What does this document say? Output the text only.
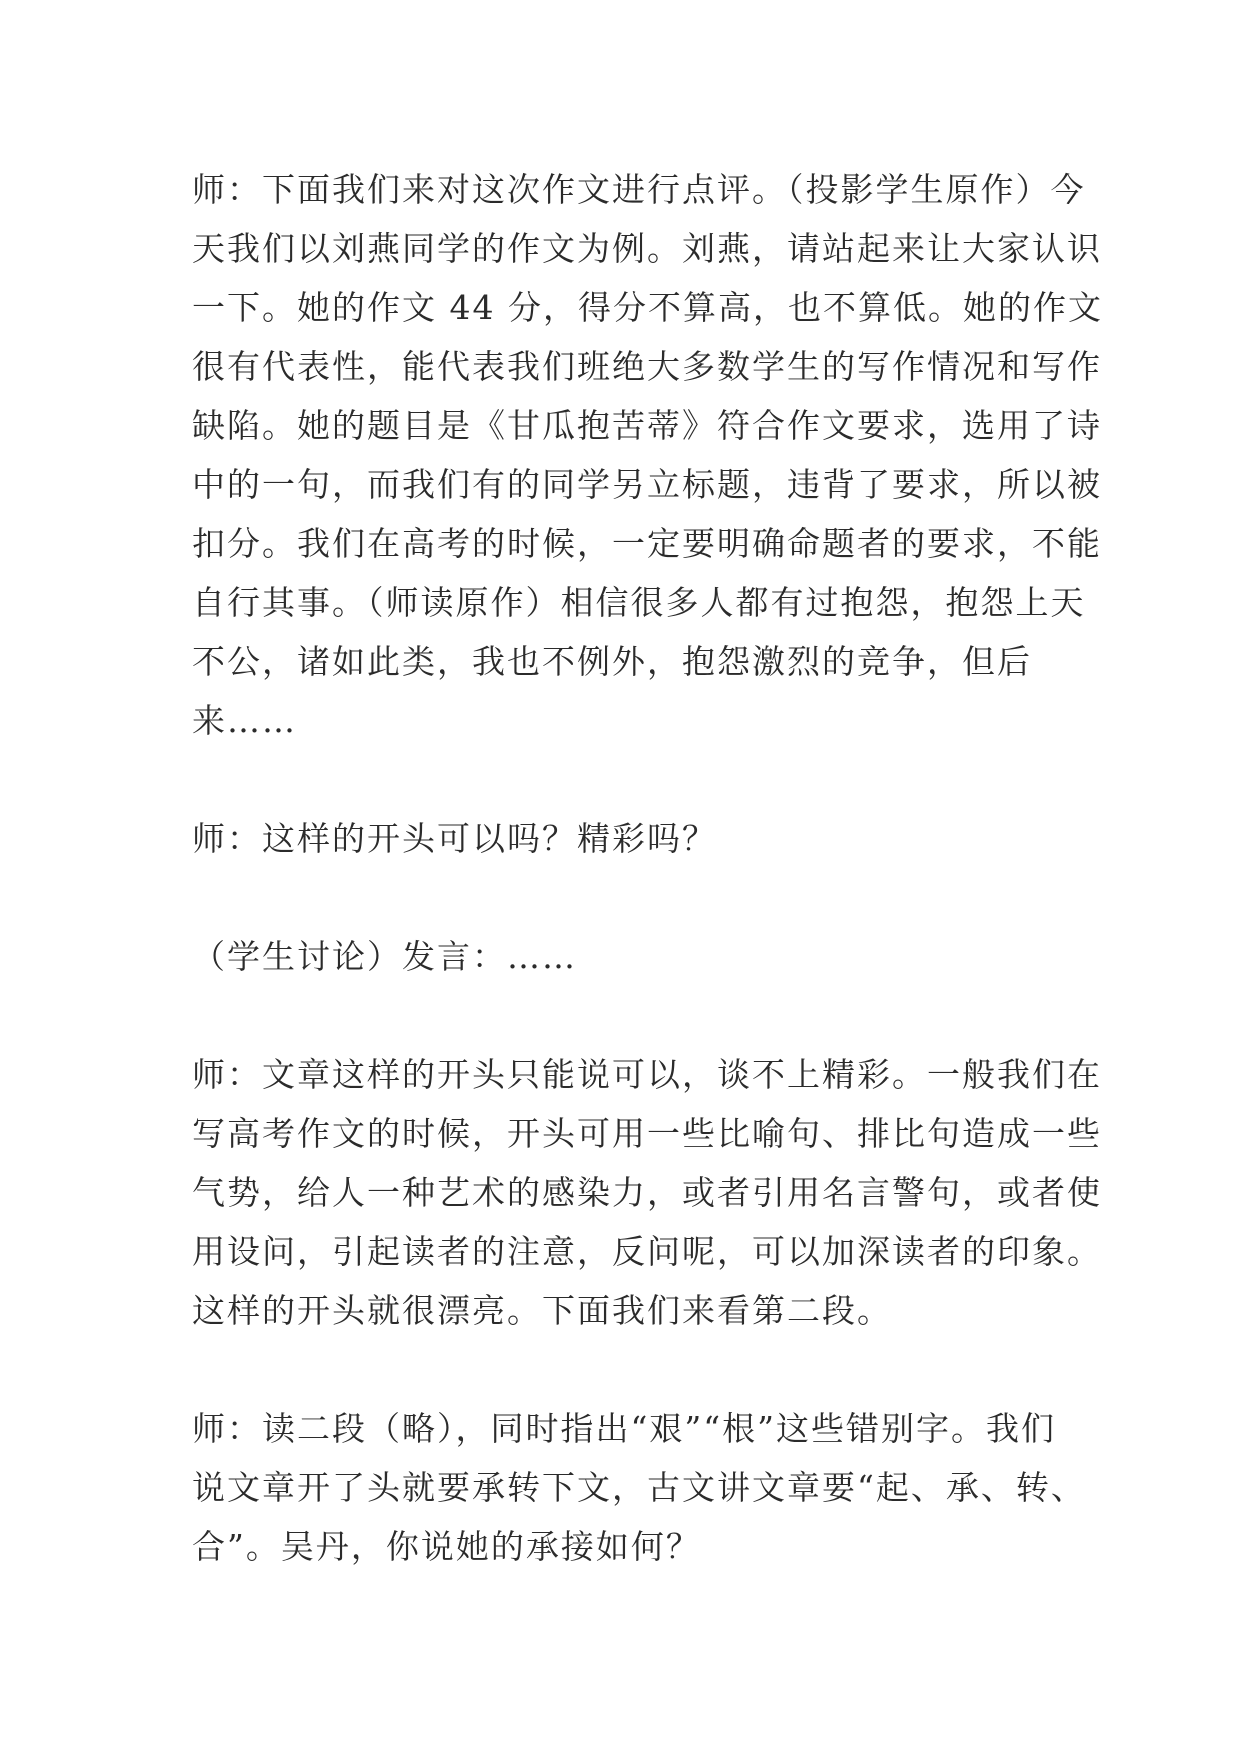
师：下面我们来对这次作文进行点评。（投影学生原作）今
天我们以刘燕同学的作文为例。刘燕，请站起来让大家认识
一下。她的作文 44 分，得分不算高，也不算低。她的作文
很有代表性，能代表我们班绝大多数学生的写作情况和写作
缺陷。她的题目是《甘瓜抱苦蒂》符合作文要求，选用了诗
中的一句，而我们有的同学另立标题，违背了要求，所以被
扣分。我们在高考的时候，一定要明确命题者的要求，不能
自行其事。（师读原作）相信很多人都有过抱怨，抱怨上天
不公，诸如此类，我也不例外，抱怨激烈的竞争，但后
来……

师：这样的开头可以吗？精彩吗？

（学生讨论）发言：……

师：文章这样的开头只能说可以，谈不上精彩。一般我们在
写高考作文的时候，开头可用一些比喻句、排比句造成一些
气势，给人一种艺术的感染力，或者引用名言警句，或者使
用设问，引起读者的注意，反问呢，可以加深读者的印象。
这样的开头就很漂亮。下面我们来看第二段。

师：读二段（略），同时指出“艰”“根”这些错别字。我们
说文章开了头就要承转下文，古文讲文章要“起、承、转、
合”。吴丹，你说她的承接如何？
